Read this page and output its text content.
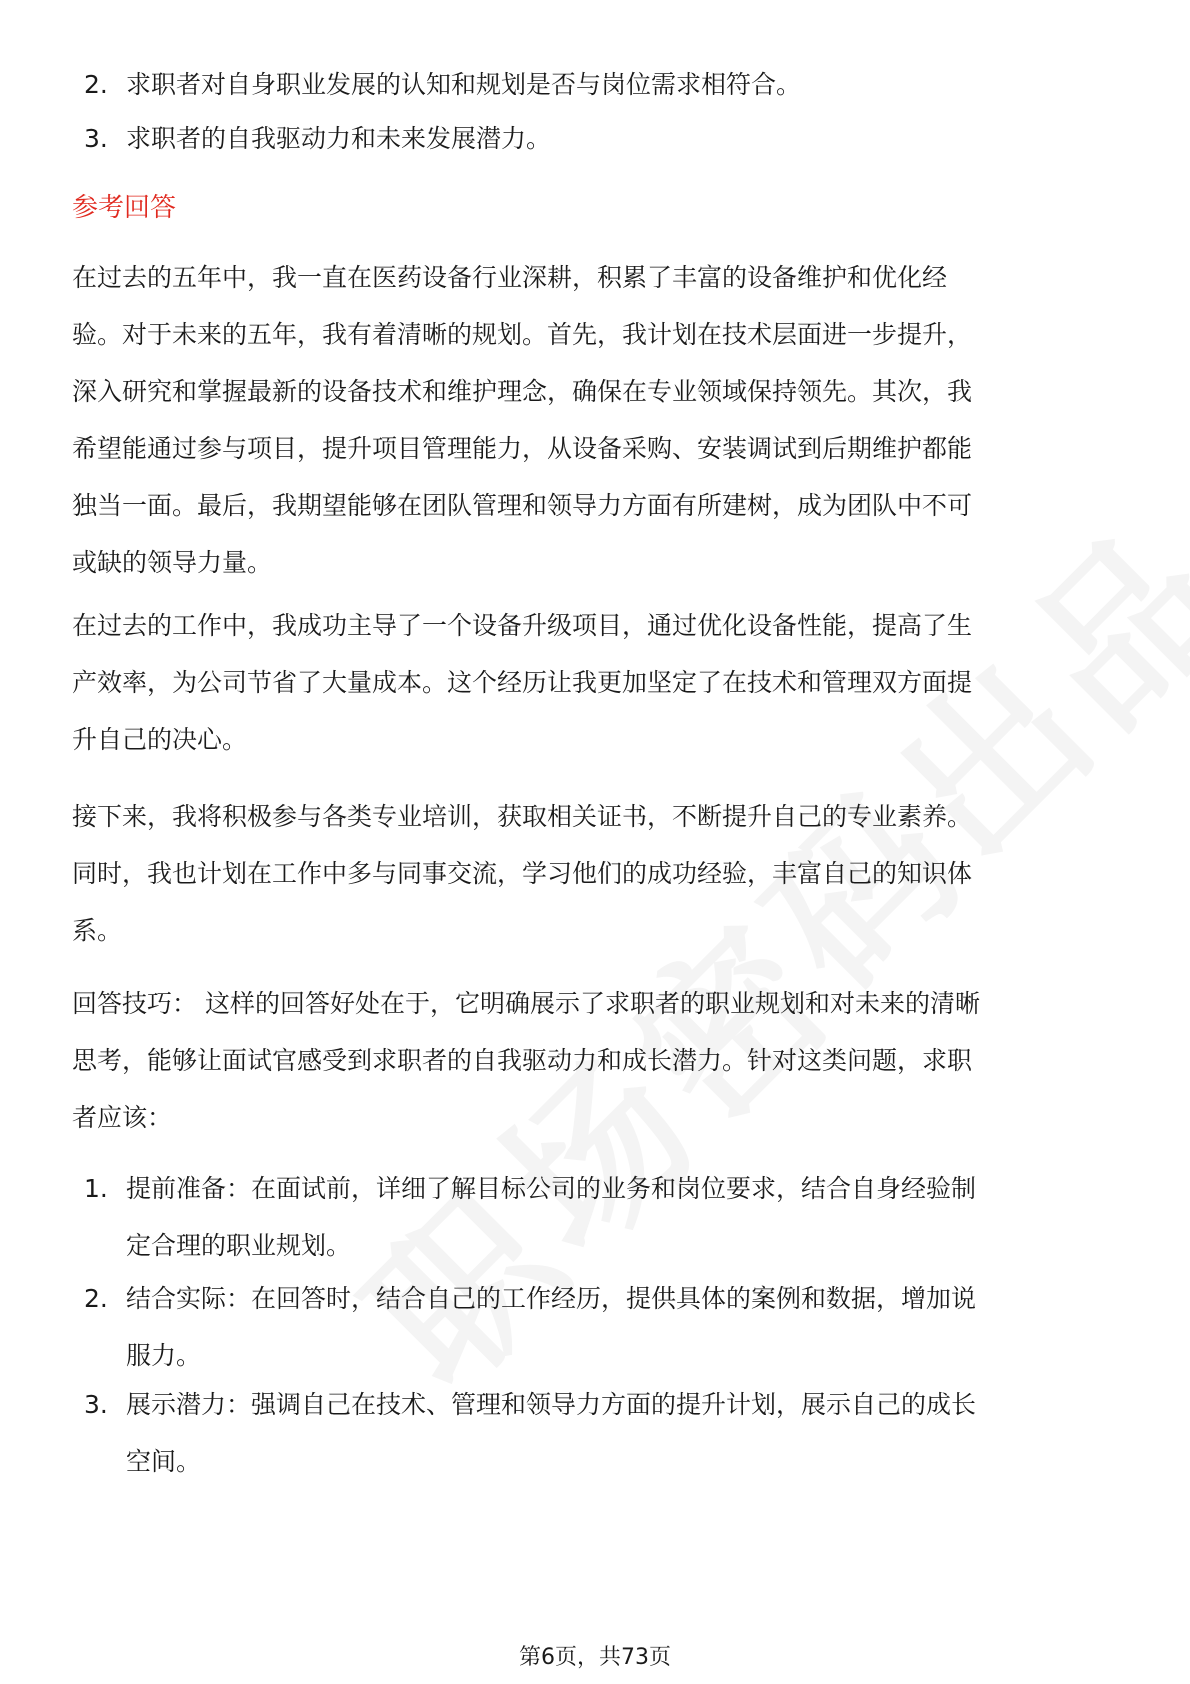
2. 求职者对自身职业发展的认知和规划是否与岗位需求相符合。
3. 求职者的自我驱动力和未来发展潜力。
参考回答

在过去的五年中，我一直在医药设备行业深耕，积累了丰富的设备维护和优化经

验。对于未来的五年，我有着清晰的规划。首先，我计划在技术层面进一步提升，

深入研究和掌握最新的设备技术和维护理念，确保在专业领域保持领先。其次，我

希望能通过参与项目，提升项目管理能力，从设备采购、安装调试到后期维护都能

独当一面。最后，我期望能够在团队管理和领导力方面有所建树，成为团队中不可

或缺的领导力量。

在过去的工作中，我成功主导了一个设备升级项目，通过优化设备性能，提高了生

产效率，为公司节省了大量成本。这个经历让我更加坚定了在技术和管理双方面提

升自己的决心。

接下来，我将积极参与各类专业培训，获取相关证书，不断提升自己的专业素养。

同时，我也计划在工作中多与同事交流，学习他们的成功经验，丰富自己的知识体

系。

回答技巧： 这样的回答好处在于，它明确展示了求职者的职业规划和对未来的清晰

思考，能够让面试官感受到求职者的自我驱动力和成长潜力。针对这类问题，求职

者应该：

1. 提前准备：在面试前，详细了解目标公司的业务和岗位要求，结合自身经验制
定合理的职业规划。
2. 结合实际：在回答时，结合自己的工作经历，提供具体的案例和数据，增加说
服力。
3. 展示潜力：强调自己在技术、管理和领导力方面的提升计划，展示自己的成长
空间。
第6页，共73页
